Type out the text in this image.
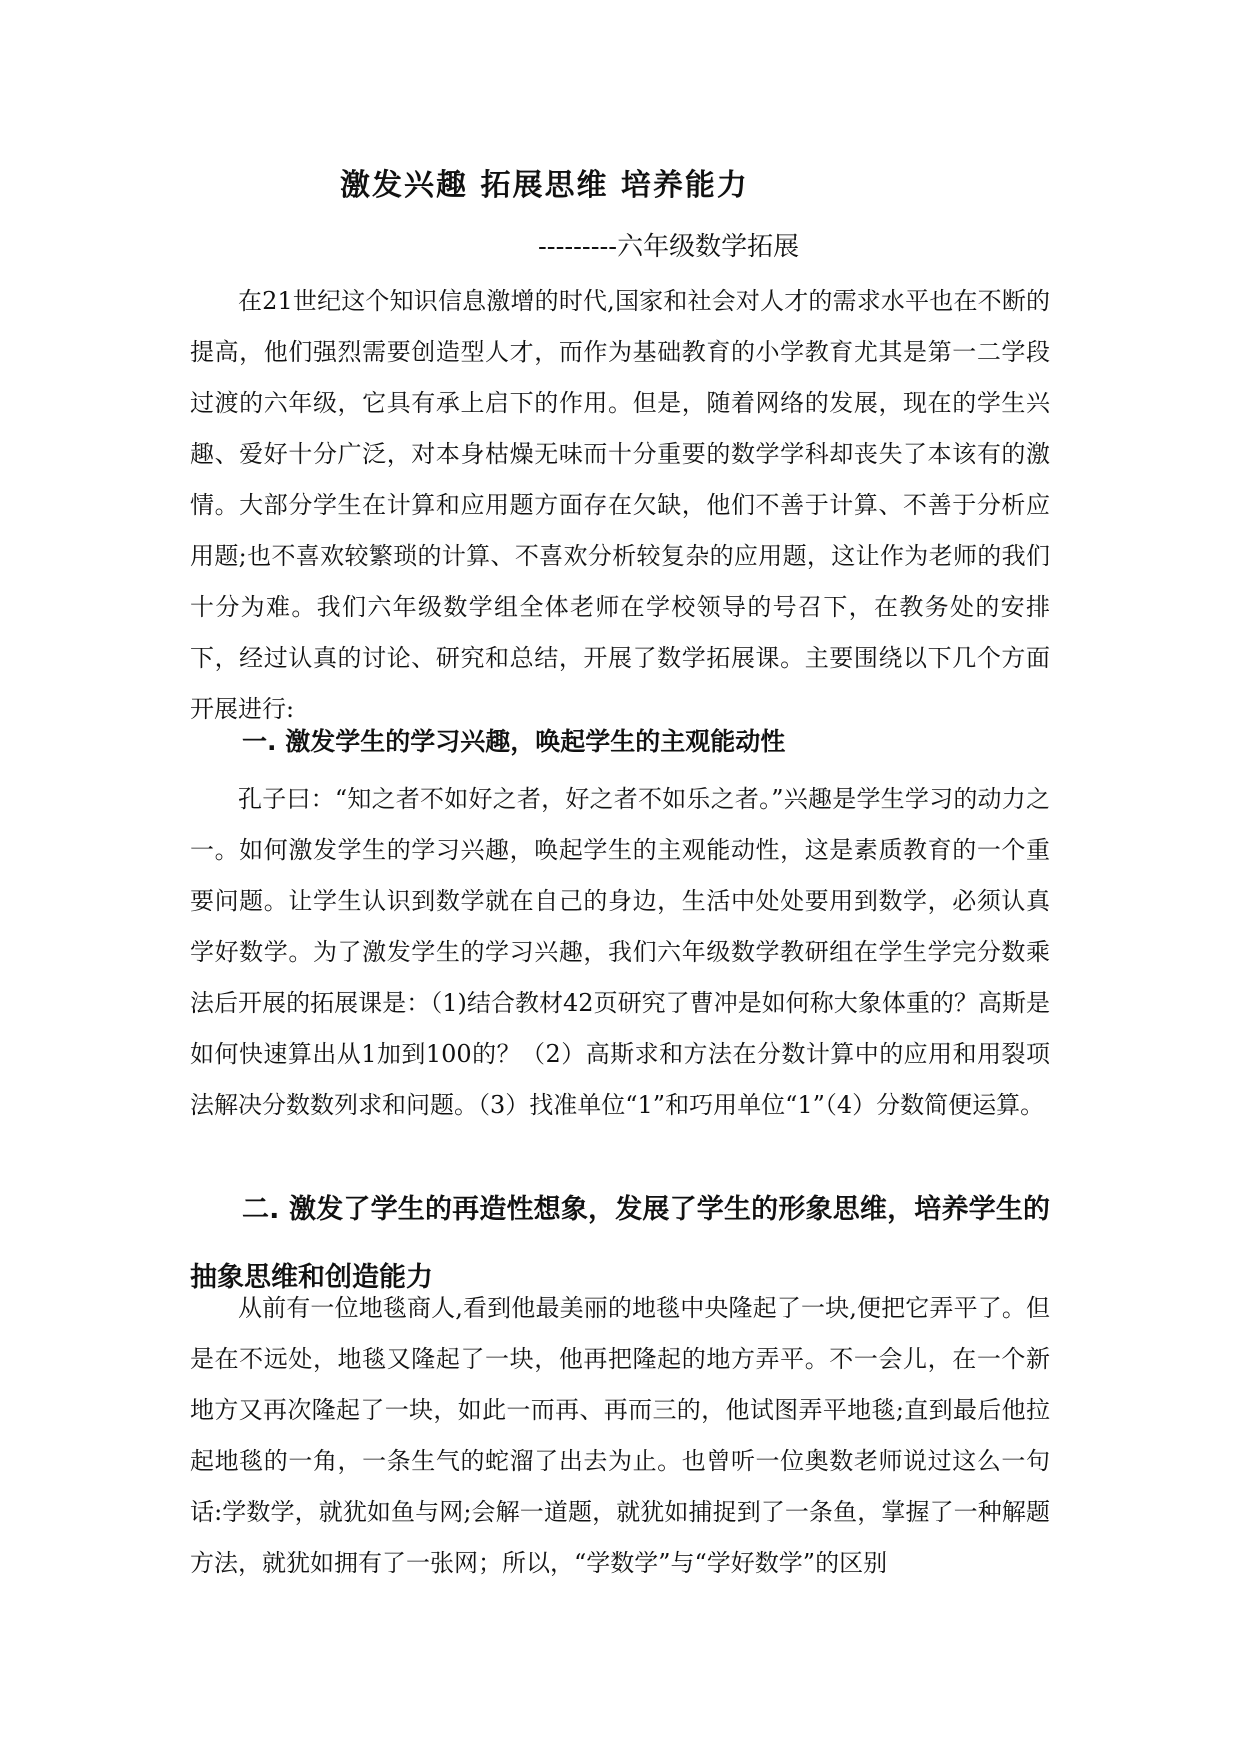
激发兴趣 拓展思维 培养能力
---------六年级数学拓展

在21世纪这个知识信息激增的时代,国家和社会对人才的需求水平也在不断的提高，他们强烈需要创造型人才，而作为基础教育的小学教育尤其是第一二学段过渡的六年级，它具有承上启下的作用。但是，随着网络的发展，现在的学生兴趣、爱好十分广泛，对本身枯燥无味而十分重要的数学学科却丧失了本该有的激情。大部分学生在计算和应用题方面存在欠缺，他们不善于计算、不善于分析应用题;也不喜欢较繁琐的计算、不喜欢分析较复杂的应用题，这让作为老师的我们十分为难。我们六年级数学组全体老师在学校领导的号召下，在教务处的安排下，经过认真的讨论、研究和总结，开展了数学拓展课。主要围绕以下几个方面开展进行:

一. 激发学生的学习兴趣，唤起学生的主观能动性

孔子曰：“知之者不如好之者，好之者不如乐之者。”兴趣是学生学习的动力之一。如何激发学生的学习兴趣，唤起学生的主观能动性，这是素质教育的一个重要问题。让学生认识到数学就在自己的身边，生活中处处要用到数学，必须认真学好数学。为了激发学生的学习兴趣，我们六年级数学教研组在学生学完分数乘法后开展的拓展课是：（1)结合教材42页研究了曹冲是如何称大象体重的？高斯是如何快速算出从1加到100的？（2）高斯求和方法在分数计算中的应用和用裂项法解决分数数列求和问题。（3）找准单位“1”和巧用单位“1”（4）分数简便运算。

二. 激发了学生的再造性想象，发展了学生的形象思维，培养学生的抽象思维和创造能力

从前有一位地毯商人,看到他最美丽的地毯中央隆起了一块,便把它弄平了。但是在不远处，地毯又隆起了一块，他再把隆起的地方弄平。不一会儿，在一个新地方又再次隆起了一块，如此一而再、再而三的，他试图弄平地毯;直到最后他拉起地毯的一角，一条生气的蛇溜了出去为止。也曾听一位奥数老师说过这么一句话:学数学，就犹如鱼与网;会解一道题，就犹如捕捉到了一条鱼，掌握了一种解题方法，就犹如拥有了一张网；所以，“学数学”与“学好数学”的区别
